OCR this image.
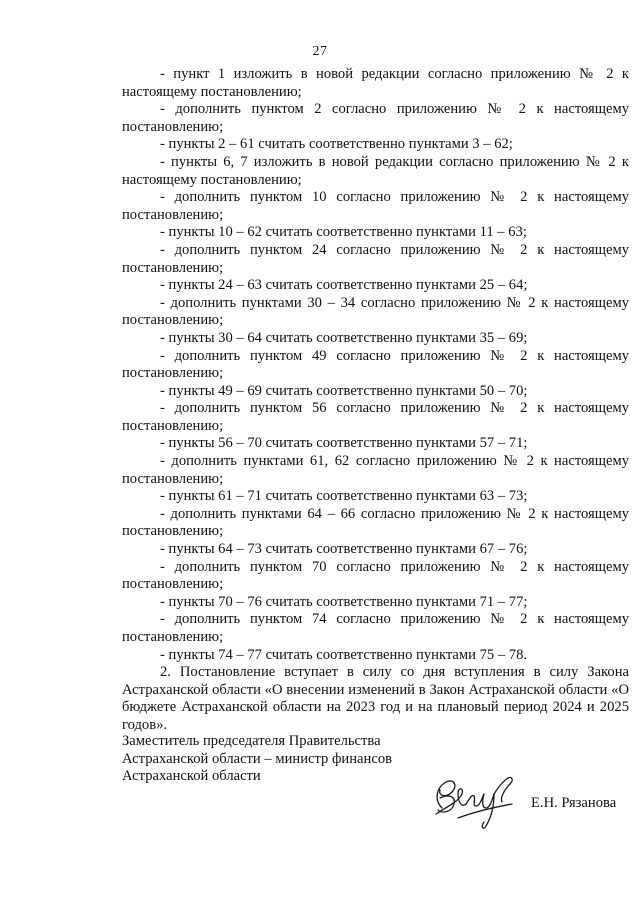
27

- пункт 1 изложить в новой редакции согласно приложению № 2 к настоящему постановлению;

- дополнить пунктом 2 согласно приложению № 2 к настоящему постановлению;

- пункты 2 – 61 считать соответственно пунктами 3 – 62;

- пункты 6, 7 изложить в новой редакции согласно приложению № 2 к настоящему постановлению;

- дополнить пунктом 10 согласно приложению № 2 к настоящему постановлению;

- пункты 10 – 62 считать соответственно пунктами 11 – 63;

- дополнить пунктом 24 согласно приложению № 2 к настоящему постановлению;

- пункты 24 – 63 считать соответственно пунктами 25 – 64;

- дополнить пунктами 30 – 34 согласно приложению № 2 к настоящему постановлению;

- пункты 30 – 64 считать соответственно пунктами 35 – 69;

- дополнить пунктом 49 согласно приложению № 2 к настоящему постановлению;

- пункты 49 – 69 считать соответственно пунктами 50 – 70;

- дополнить пунктом 56 согласно приложению № 2 к настоящему постановлению;

- пункты 56 – 70 считать соответственно пунктами 57 – 71;

- дополнить пунктами 61, 62 согласно приложению № 2 к настоящему постановлению;

- пункты 61 – 71 считать соответственно пунктами 63 – 73;

- дополнить пунктами 64 – 66 согласно приложению № 2 к настоящему постановлению;

- пункты 64 – 73 считать соответственно пунктами 67 – 76;

- дополнить пунктом 70 согласно приложению № 2 к настоящему постановлению;

- пункты 70 – 76 считать соответственно пунктами 71 – 77;

- дополнить пунктом 74 согласно приложению № 2 к настоящему постановлению;

- пункты 74 – 77 считать соответственно пунктами 75 – 78.

2. Постановление вступает в силу со дня вступления в силу Закона Астраханской области «О внесении изменений в Закон Астраханской области «О бюджете Астраханской области на 2023 год и на плановый период 2024 и 2025 годов».

Заместитель председателя Правительства
Астраханской области – министр финансов
Астраханской области
Е.Н. Рязанова
